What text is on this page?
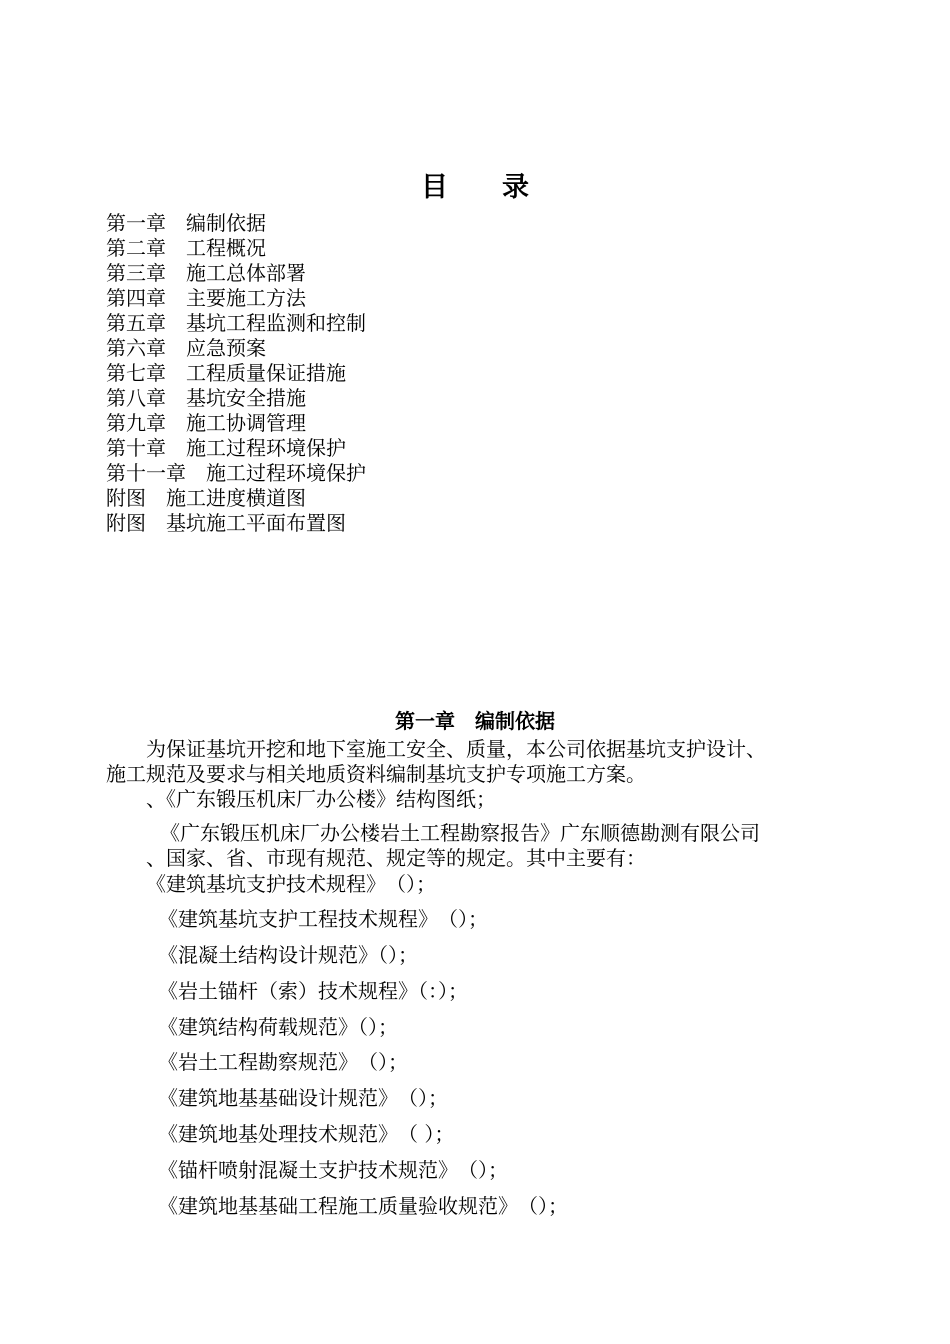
目 录
第一章 编制依据
第二章 工程概况
第三章 施工总体部署
第四章 主要施工方法
第五章 基坑工程监测和控制
第六章 应急预案
第七章 工程质量保证措施
第八章 基坑安全措施
第九章 施工协调管理
第十章 施工过程环境保护
第十一章 施工过程环境保护
附图 施工进度横道图
附图 基坑施工平面布置图
第一章 编制依据
为保证基坑开挖和地下室施工安全、质量，本公司依据基坑支护设计、
施工规范及要求与相关地质资料编制基坑支护专项施工方案。
、《广东锻压机床厂办公楼》结构图纸；
《广东锻压机床厂办公楼岩土工程勘察报告》广东顺德勘测有限公司
、国家、省、市现有规范、规定等的规定。其中主要有：
《建筑基坑支护技术规程》　（）；
《建筑基坑支护工程技术规程》　（）；
《混凝土结构设计规范》（）；
《岩土锚杆（索）技术规程》（：）；
《建筑结构荷载规范》（）；
《岩土工程勘察规范》　（）；
《建筑地基基础设计规范》　（）；
《建筑地基处理技术规范》　（ ）；
《锚杆喷射混凝土支护技术规范》　（）；
《建筑地基基础工程施工质量验收规范》　（）；
